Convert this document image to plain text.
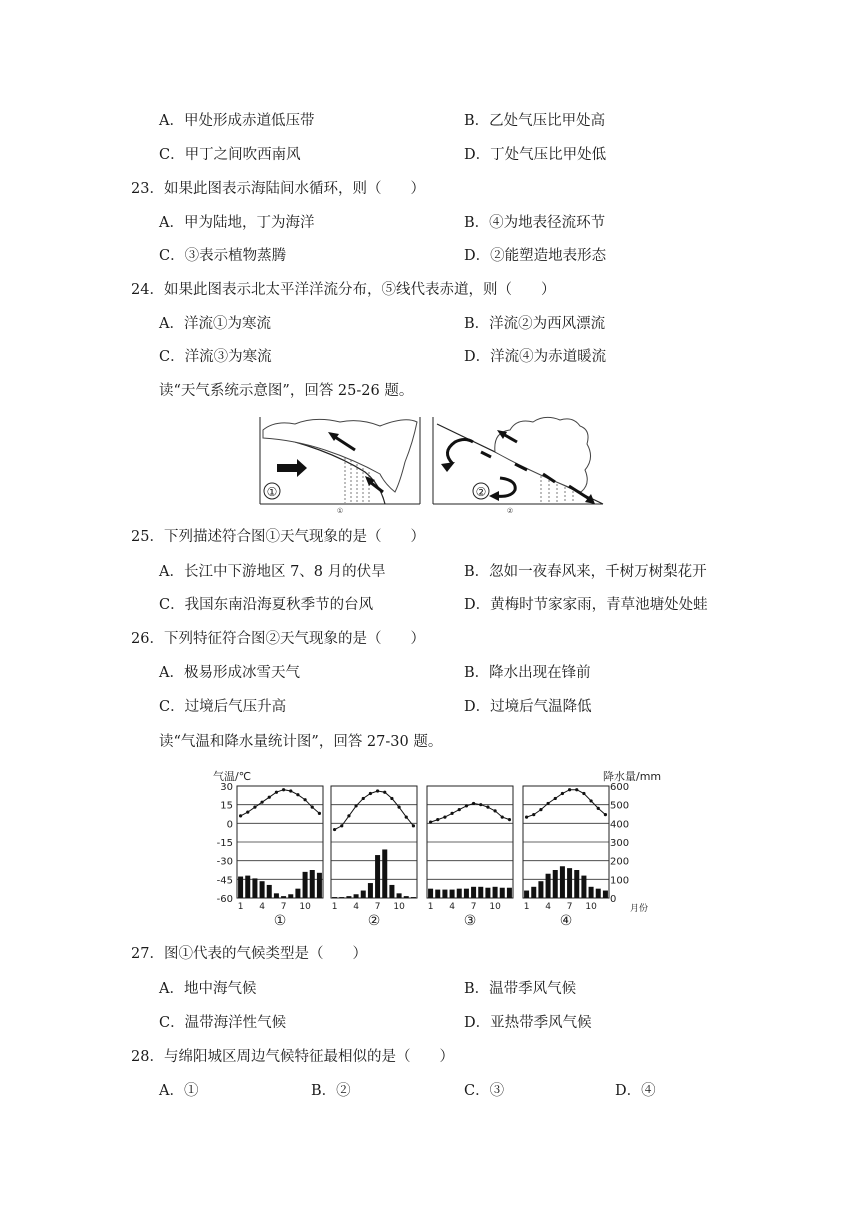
A．甲处形成赤道低压带	B．乙处气压比甲处高
C．甲丁之间吹西南风	D．丁处气压比甲处低
23．如果此图表示海陆间水循环，则（　　）
A．甲为陆地，丁为海洋	B．④为地表径流环节
C．③表示植物蒸腾	D．②能塑造地表形态
24．如果此图表示北太平洋洋流分布，⑤线代表赤道，则（　　）
A．洋流①为寒流	B．洋流②为西风漂流
C．洋流③为寒流	D．洋流④为赤道暖流
读“天气系统示意图”，回答 25-26 题。
①
①
②
②
25．下列描述符合图①天气现象的是（　　）
A．长江中下游地区 7、8 月的伏旱	B．忽如一夜春风来，千树万树梨花开
C．我国东南沿海夏秋季节的台风	D．黄梅时节家家雨，青草池塘处处蛙
26．下列特征符合图②天气现象的是（　　）
A．极易形成冰雪天气	B．降水出现在锋前
C．过境后气压升高	D．过境后气温降低
读“气温和降水量统计图”，回答 27-30 题。
气温/℃	降水量/mm
30
15
0
-15
-30
-45
-60
600
500
400
300
200
100
0
1 4 7 10
①
1 4 7 10
②
1 4 7 10
③
1 4 7 10
④
月份
27．图①代表的气候类型是（　　）
A．地中海气候	B．温带季风气候
C．温带海洋性气候	D．亚热带季风气候
28．与绵阳城区周边气候特征最相似的是（　　）
A．①	B．②	C．③	D．④
